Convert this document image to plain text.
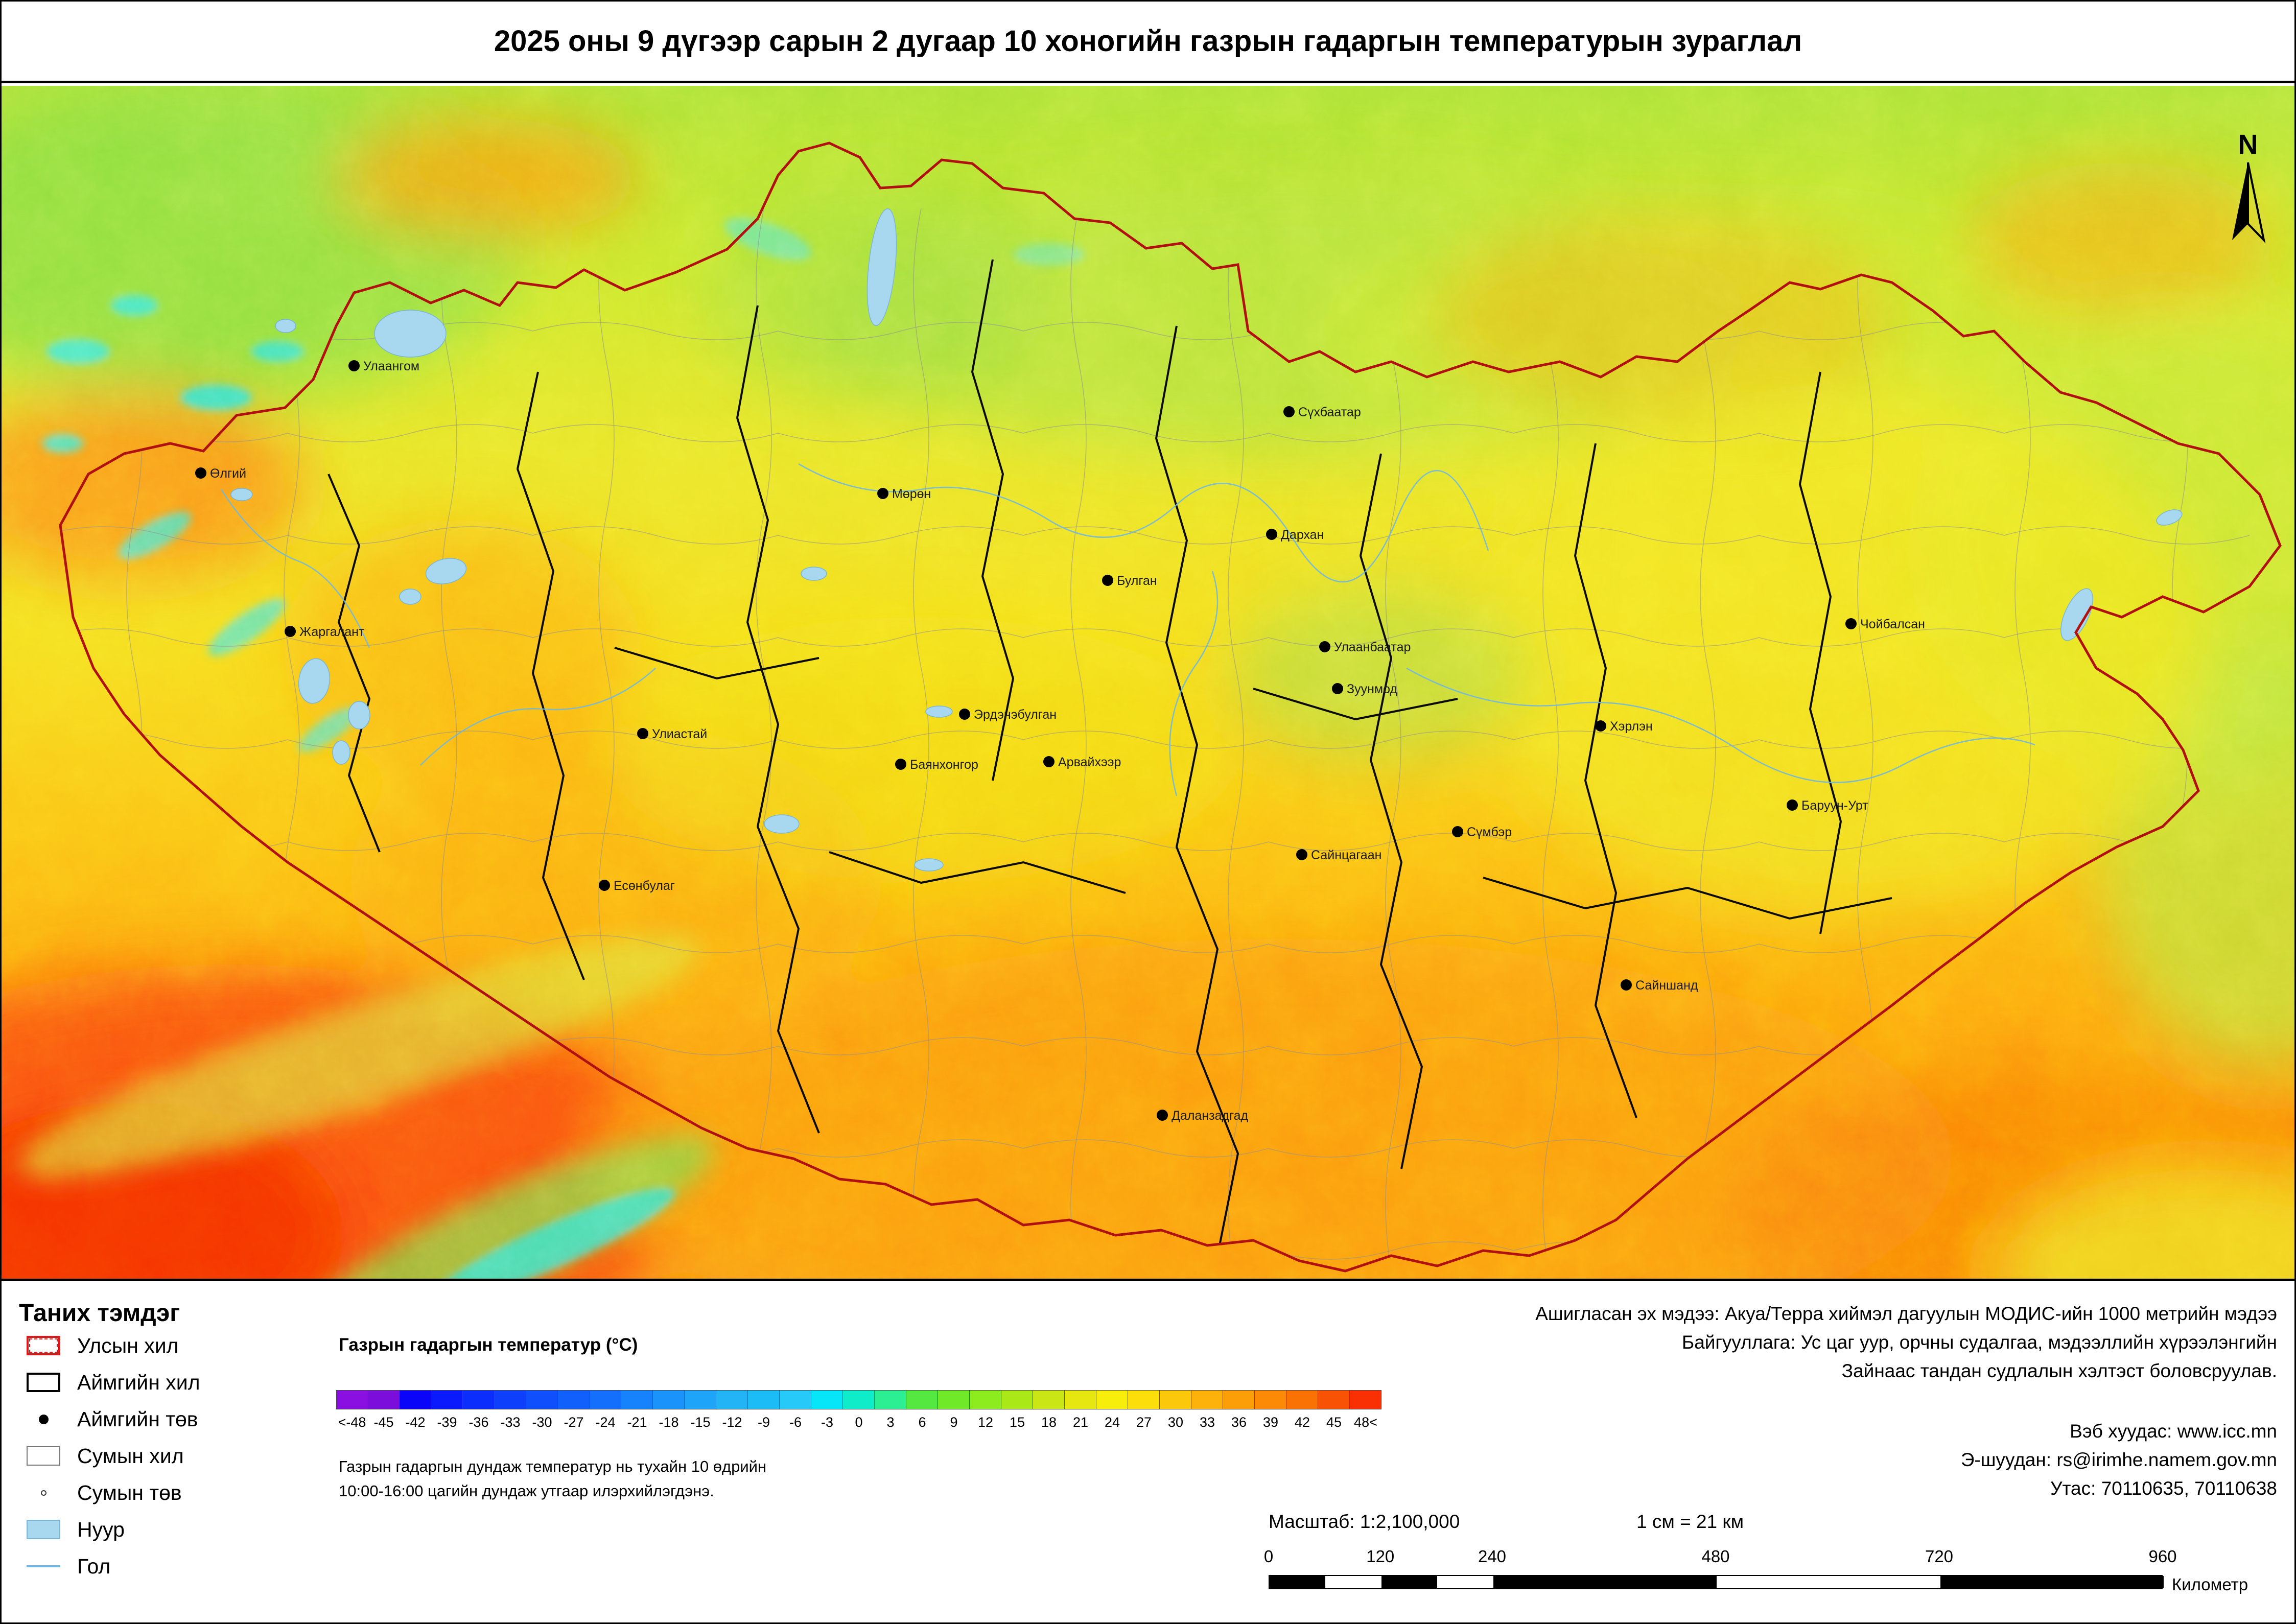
2025 оны 9 дүгээр сарын 2 дугаар 10 хоногийн газрын гадаргын температурын зураглал
Улаангом
Өлгий
Жаргалант
Мөрөн
Улиастай
Есөнбулаг
Булган
Эрдэнэбулган
Дархан
Сүхбаатар
Улаанбаатар
Зуунмод
Баянхонгор	Арвайхээр
Сайнцагаан
Даланзадгад
Сүмбэр
Хэрлэн
Баруун-Урт
Чойбалсан
Сайншанд
N
Таних тэмдэг
Улсын хил
Аймгийн хил
Аймгийн төв
Сумын хил
Сумын төв
Нуур
Гол
Газрын гадаргын температур (°C)
<-48 -45 -42 -39 -36 -33 -30 -27 -24 -21 -18 -15 -12	-9	-6	-3	0	3	6	9	12	15	18	21	24	27	30	33	36	39	42	45 48<
Газрын гадаргын дундаж температур нь тухайн 10 өдрийн
10:00-16:00 цагийн дундаж утгаар илэрхийлэгдэнэ.
Ашигласан эх мэдээ: Акуа/Терра хиймэл дагуулын МОДИС-ийн 1000 метрийн мэдээ
Байгууллага: Ус цаг уур, орчны судалгаа, мэдээллийн хүрээлэнгийн
Зайнаас тандан судлалын хэлтэст боловсруулав.
Вэб хуудас: www.icc.mn
Э-шуудан: rs@irimhe.namem.gov.mn
Утас: 70110635, 70110638
Масштаб: 1:2,100,000	1 см = 21 км
0	120	240	480	720	960
Километр
